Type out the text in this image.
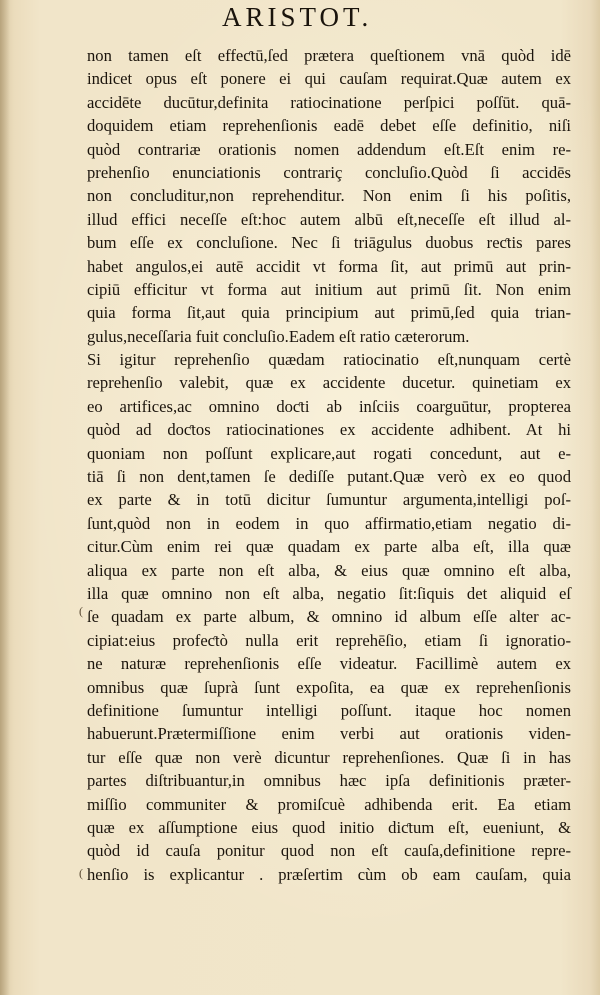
ARISTOT.
non tamen eſt effeƈtū,ſed prætera queſtionem vnā quòd idē
indicet opus eſt ponere ei qui cauſam requirat.Quæ autem ex
accidēte ducūtur,definita ratiocinatione perſpici poſſūt. quā-
doquidem etiam reprehenſionis eadē debet eſſe definitio, niſi
quòd contrariæ orationis nomen addendum eſt.Eſt enim re-
prehenſio enunciationis contrariç concluſio.Quòd ſi accidēs
non concluditur,non reprehenditur. Non enim ſi his poſitis,
illud effici neceſſe eſt:hoc autem albū eſt,neceſſe eſt illud al-
bum eſſe ex concluſione. Nec ſi triāgulus duobus reƈtis pares
habet angulos,ei autē accidit vt forma ſit, aut primū aut prin-
cipiū efficitur vt forma aut initium aut primū ſit. Non enim
quia forma ſit,aut quia principium aut primū,ſed quia trian-
gulus,neceſſaria fuit concluſio.Eadem eſt ratio cæterorum.
Si igitur reprehenſio quædam ratiocinatio eſt,nunquam certè
reprehenſio valebit, quæ ex accidente ducetur. quinetiam ex
eo artifices,ac omnino doƈti ab inſciis coarguūtur, propterea
quòd ad doƈtos ratiocinationes ex accidente adhibent. At hi
quoniam non poſſunt explicare,aut rogati concedunt, aut e-
tiā ſi non dent,tamen ſe dediſſe putant.Quæ verò ex eo quod
ex parte & in totū dicitur ſumuntur argumenta,intelligi poſ-
ſunt,quòd non in eodem in quo affirmatio,etiam negatio di-
citur.Cùm enim rei quæ quadam ex parte alba eſt, illa quæ
aliqua ex parte non eſt alba, & eius quæ omnino eſt alba,
illa quæ omnino non eſt alba, negatio ſit:ſiquis det aliquid eſ
ſe quadam ex parte album, & omnino id album eſſe alter ac-
cipiat:eius profeƈtò nulla erit reprehēſio, etiam ſi ignoratio-
ne naturæ reprehenſionis eſſe videatur. Facillimè autem ex
omnibus quæ ſuprà ſunt expoſita, ea quæ ex reprehenſionis
definitione ſumuntur intelligi poſſunt. itaque hoc nomen
habuerunt.Prætermiſſione enim verbi aut orationis viden-
tur eſſe quæ non verè dicuntur reprehenſiones. Quæ ſi in has
partes diſtribuantur,in omnibus hæc ipſa definitionis præter-
miſſio communiter & promiſcuè adhibenda erit. Ea etiam
quæ ex aſſumptione eius quod initio diƈtum eſt, eueniunt, &
quòd id cauſa ponitur quod non eſt cauſa,definitione repre-
henſio is explicantur . præſertim cùm ob eam cauſam, quia
(
(
